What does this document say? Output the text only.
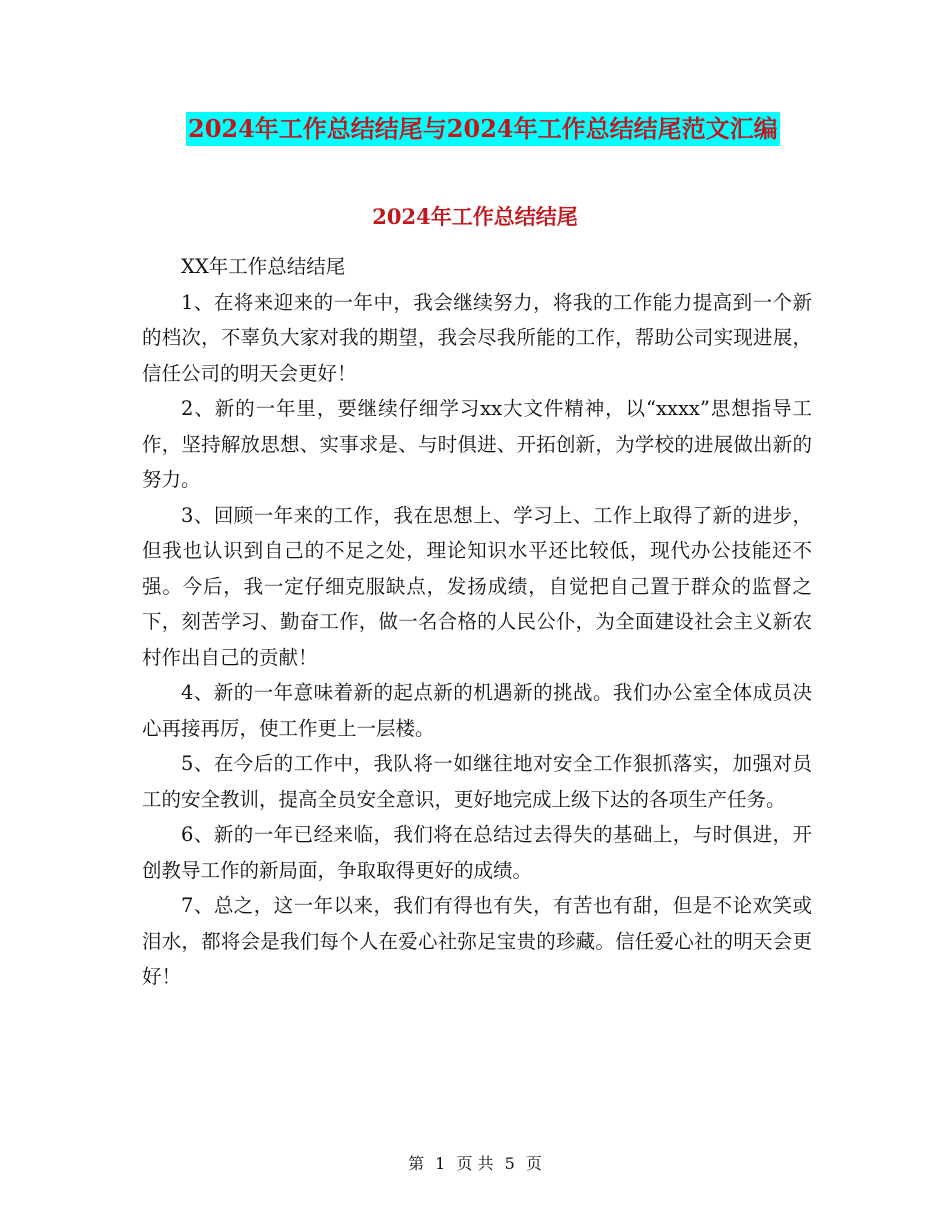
2024年工作总结结尾与2024年工作总结结尾范文汇编
2024年工作总结结尾

XX年工作总结结尾

1、在将来迎来的一年中，我会继续努力，将我的工作能力提高到一个新的档次，不辜负大家对我的期望，我会尽我所能的工作，帮助公司实现进展，信任公司的明天会更好！

2、新的一年里，要继续仔细学习xx大文件精神，以“xxxx”思想指导工作，坚持解放思想、实事求是、与时俱进、开拓创新，为学校的进展做出新的努力。

3、回顾一年来的工作，我在思想上、学习上、工作上取得了新的进步，但我也认识到自己的不足之处，理论知识水平还比较低，现代办公技能还不强。今后，我一定仔细克服缺点，发扬成绩，自觉把自己置于群众的监督之下，刻苦学习、勤奋工作，做一名合格的人民公仆，为全面建设社会主义新农村作出自己的贡献！

4、新的一年意味着新的起点新的机遇新的挑战。我们办公室全体成员决心再接再厉，使工作更上一层楼。

5、在今后的工作中，我队将一如继往地对安全工作狠抓落实，加强对员工的安全教训，提高全员安全意识，更好地完成上级下达的各项生产任务。

6、新的一年已经来临，我们将在总结过去得失的基础上，与时俱进，开创教导工作的新局面，争取取得更好的成绩。

7、总之，这一年以来，我们有得也有失，有苦也有甜，但是不论欢笑或泪水，都将会是我们每个人在爱心社弥足宝贵的珍藏。信任爱心社的明天会更好！

第 1 页 共 5 页
